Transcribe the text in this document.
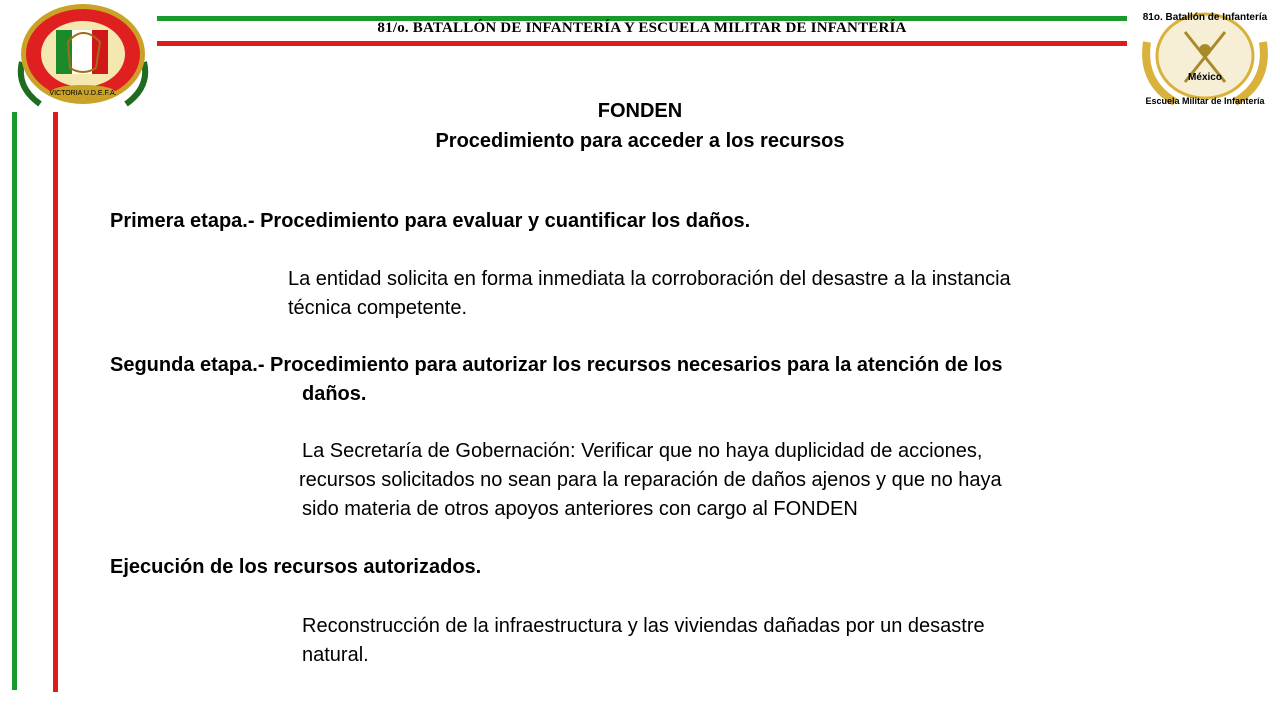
81/o. BATALLÓN DE INFANTERÍA Y ESCUELA MILITAR DE INFANTERÍA
VICTORIA U.D.E.F.A.
81o. Batallón de Infantería
México
Escuela Militar de Infantería
FONDEN
Procedimiento para acceder a los recursos
Primera etapa.- Procedimiento para evaluar y cuantificar los daños.
La entidad solicita en forma inmediata la corroboración del desastre a la instancia
técnica competente.
Segunda etapa.- Procedimiento para autorizar los recursos necesarios para la atención de los
daños.
La Secretaría de Gobernación: Verificar que no haya duplicidad de acciones,
recursos solicitados no sean para la reparación de daños ajenos y que no haya
sido materia de otros apoyos anteriores con cargo al FONDEN
Ejecución de los recursos autorizados.
Reconstrucción de la infraestructura y las viviendas dañadas por un desastre
natural.
